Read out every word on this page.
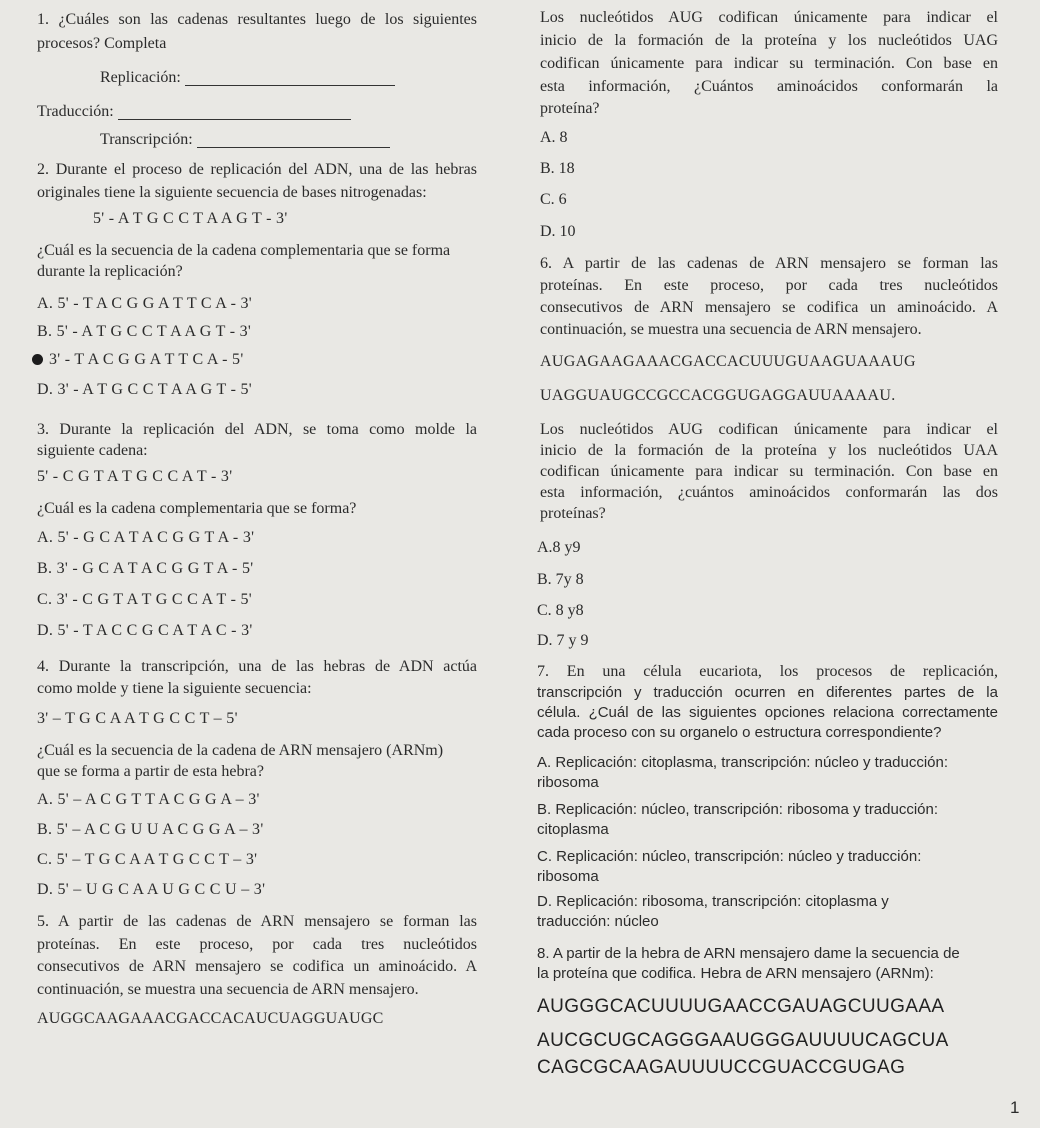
1. ¿Cuáles son las cadenas resultantes luego de los siguientes
procesos? Completa
Replicación:
Traducción:
Transcripción:
2. Durante el proceso de replicación del ADN, una de las hebras
originales tiene la siguiente secuencia de bases nitrogenadas:
5' - A T G C C T A A G T - 3'
¿Cuál es la secuencia de la cadena complementaria que se forma
durante la replicación?
A. 5' - T A C G G A T T C A - 3'
B. 5' - A T G C C T A A G T - 3'
3' - T A C G G A T T C A - 5'
D. 3' - A T G C C T A A G T - 5'
3. Durante la replicación del ADN, se toma como molde la
siguiente cadena:
5' - C G T A T G C C A T - 3'
¿Cuál es la cadena complementaria que se forma?
A. 5' - G C A T A C G G T A - 3'
B. 3' - G C A T A C G G T A - 5'
C. 3' - C G T A T G C C A T - 5'
D. 5' - T A C C G C A T A C - 3'
4. Durante la transcripción, una de las hebras de ADN actúa
como molde y tiene la siguiente secuencia:
3' – T G C A A T G C C T – 5'
¿Cuál es la secuencia de la cadena de ARN mensajero (ARNm)
que se forma a partir de esta hebra?
A. 5' – A C G T T A C G G A – 3'
B. 5' – A C G U U A C G G A – 3'
C. 5' – T G C A A T G C C T – 3'
D. 5' – U G C A A U G C C U – 3'
5. A partir de las cadenas de ARN mensajero se forman las
proteínas. En este proceso, por cada tres nucleótidos
consecutivos de ARN mensajero se codifica un aminoácido. A
continuación, se muestra una secuencia de ARN mensajero.
AUGGCAAGAAACGACCACAUCUAGGUAUGC
Los nucleótidos AUG codifican únicamente para indicar el
inicio de la formación de la proteína y los nucleótidos UAG
codifican únicamente para indicar su terminación. Con base en
esta información, ¿Cuántos aminoácidos conformarán la
proteína?
A. 8
B. 18
C. 6
D. 10
6. A partir de las cadenas de ARN mensajero se forman las
proteínas. En este proceso, por cada tres nucleótidos
consecutivos de ARN mensajero se codifica un aminoácido. A
continuación, se muestra una secuencia de ARN mensajero.
AUGAGAAGAAACGACCACUUUGUAAGUAAAUG
UAGGUAUGCCGCCACGGUGAGGAUUAAAAU.
Los nucleótidos AUG codifican únicamente para indicar el
inicio de la formación de la proteína y los nucleótidos UAA
codifican únicamente para indicar su terminación. Con base en
esta información, ¿cuántos aminoácidos conformarán las dos
proteínas?
A.8 y9
B. 7y 8
C. 8 y8
D. 7 y 9
7. En una célula eucariota, los procesos de replicación,
transcripción y traducción ocurren en diferentes partes de la
célula. ¿Cuál de las siguientes opciones relaciona correctamente
cada proceso con su organelo o estructura correspondiente?
A. Replicación: citoplasma, transcripción: núcleo y traducción:
ribosoma
B. Replicación: núcleo, transcripción: ribosoma y traducción:
citoplasma
C. Replicación: núcleo, transcripción: núcleo y traducción:
ribosoma
D. Replicación: ribosoma, transcripción: citoplasma y
traducción: núcleo
8. A partir de la hebra de ARN mensajero dame la secuencia de
la proteína que codifica. Hebra de ARN mensajero (ARNm):
AUGGGCACUUUUGAACCGAUAGCUUGAAA
AUCGCUGCAGGGAAUGGGAUUUUCAGCUA
CAGCGCAAGAUUUUCCGUACCGUGAG
1
